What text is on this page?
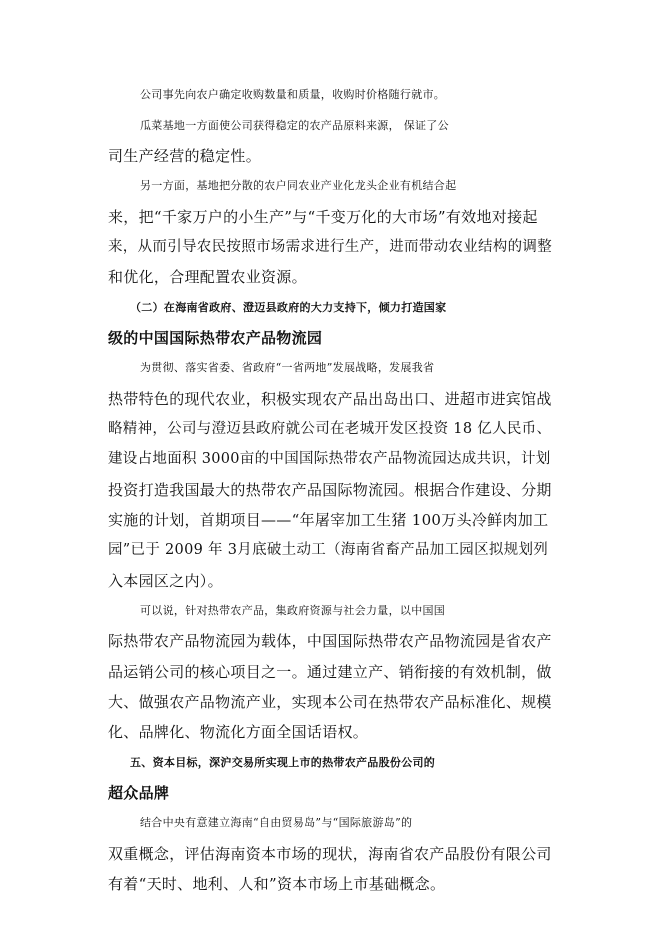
公司事先向农户确定收购数量和质量，收购时价格随行就市。
瓜菜基地一方面使公司获得稳定的农产品原料来源， 保证了公
司生产经营的稳定性。
另一方面，基地把分散的农户同农业产业化龙头企业有机结合起
来，把“千家万户的小生产”与“千变万化的大市场”有效地对接起
来，从而引导农民按照市场需求进行生产，进而带动农业结构的调整
和优化，合理配置农业资源。
（二）在海南省政府、澄迈县政府的大力支持下，倾力打造国家
级的中国国际热带农产品物流园
为贯彻、落实省委、省政府“一省两地”发展战略，发展我省
热带特色的现代农业，积极实现农产品出岛出口、进超市进宾馆战
略精神，公司与澄迈县政府就公司在老城开发区投资 18 亿人民币、
建设占地面积 3000亩的中国国际热带农产品物流园达成共识，计划
投资打造我国最大的热带农产品国际物流园。根据合作建设、分期
实施的计划，首期项目——“年屠宰加工生猪 100万头冷鲜肉加工
园”已于 2009 年 3月底破土动工（海南省畜产品加工园区拟规划列
入本园区之内）。
可以说，针对热带农产品，集政府资源与社会力量，以中国国
际热带农产品物流园为载体，中国国际热带农产品物流园是省农产
品运销公司的核心项目之一。通过建立产、销衔接的有效机制，做
大、做强农产品物流产业，实现本公司在热带农产品标准化、规模
化、品牌化、物流化方面全国话语权。
五、资本目标，深沪交易所实现上市的热带农产品股份公司的
超众品牌
结合中央有意建立海南“自由贸易岛”与“国际旅游岛”的
双重概念，评估海南资本市场的现状，海南省农产品股份有限公司
有着“天时、地利、人和”资本市场上市基础概念。
